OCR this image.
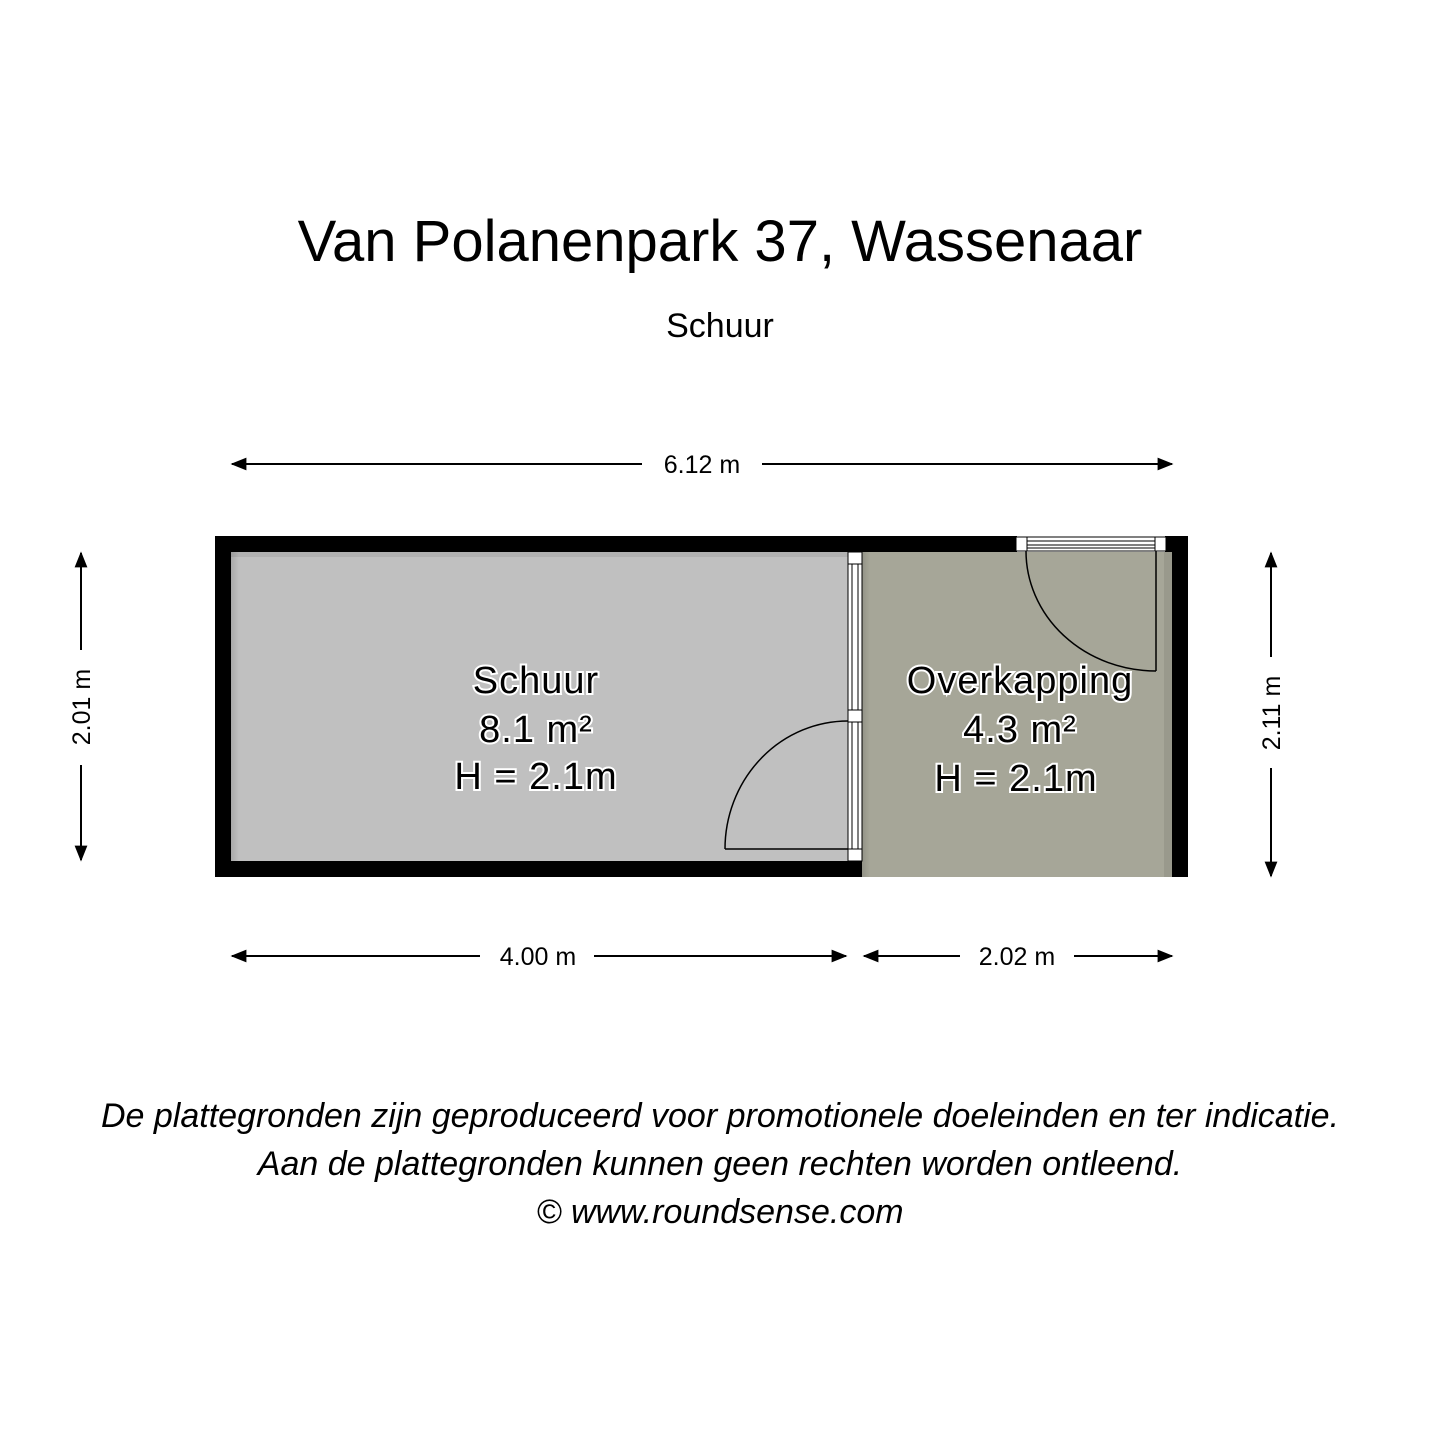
Van Polanenpark 37, Wassenaar
Schuur
6.12 m
2.01 m	2.11 m
4.00 m	2.02 m
Schuur
8.1 m²
H = 2.1m
Overkapping
4.3 m²
H = 2.1m
De plattegronden zijn geproduceerd voor promotionele doeleinden en ter indicatie.
Aan de plattegronden kunnen geen rechten worden ontleend.
© www.roundsense.com
